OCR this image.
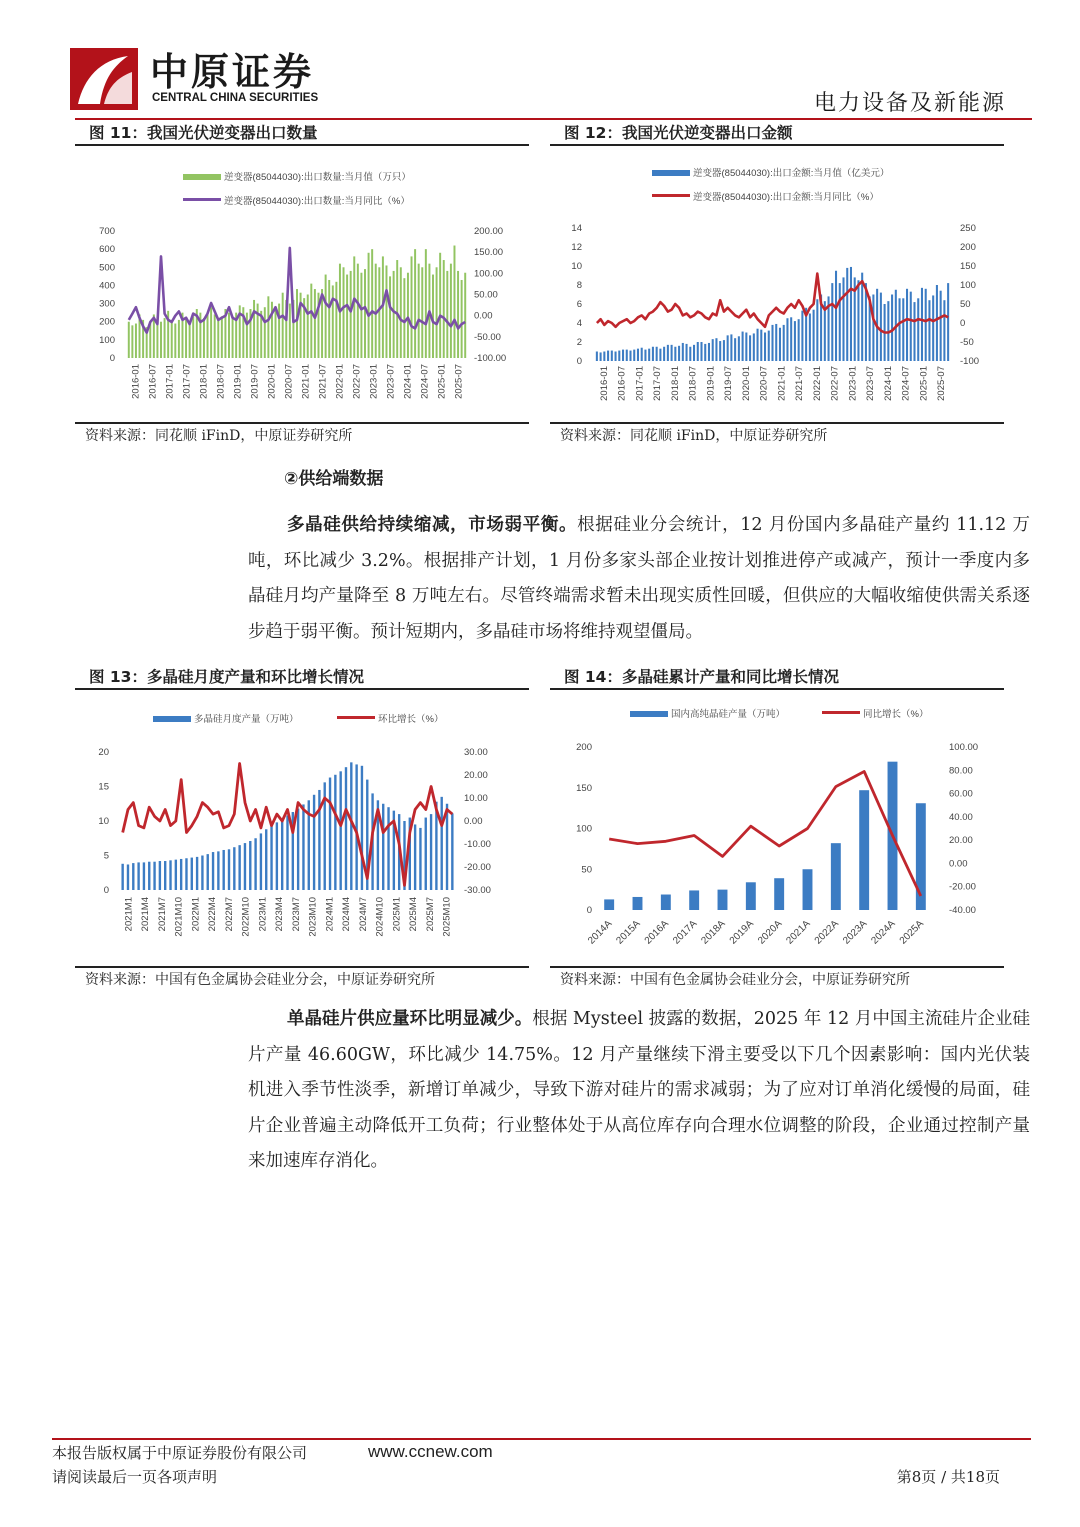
中原证券
CENTRAL CHINA SECURITIES	电力设备及新能源
图 11：我国光伏逆变器出口数量
逆变器(85044030):出口数量:当月值（万只）
逆变器(85044030):出口数量:当月同比（%）
0
100
200
300
400
500
600
700
-100.00
-50.00
0.00
50.00
100.00
150.00
200.00
2016-01 2016-07 2017-01 2017-07 2018-01 2018-07 2019-01 2019-07 2020-01 2020-07 2021-01 2021-07 2022-01 2022-07 2023-01 2023-07 2024-01 2024-07 2025-01 2025-07
资料来源：同花顺 iFinD，中原证券研究所
图 12：我国光伏逆变器出口金额
逆变器(85044030):出口金额:当月值（亿美元）
逆变器(85044030):出口金额:当月同比（%）
0
2
4
6
8
10
12
14
-100
-50
0
50
100
150
200
250
2016-01 2016-07 2017-01 2017-07 2018-01 2018-07 2019-01 2019-07 2020-01 2020-07 2021-01 2021-07 2022-01 2022-07 2023-01 2023-07 2024-01 2024-07 2025-01 2025-07
资料来源：同花顺 iFinD，中原证券研究所
②供给端数据

多晶硅供给持续缩减，市场弱平衡。根据硅业分会统计，12 月份国内多晶硅产量约 11.12 万吨，环比减少 3.2%。根据排产计划，1 月份多家头部企业按计划推进停产或减产，预计一季度内多晶硅月均产量降至 8 万吨左右。尽管终端需求暂未出现实质性回暖，但供应的大幅收缩使供需关系逐步趋于弱平衡。预计短期内，多晶硅市场将维持观望僵局。

图 13：多晶硅月度产量和环比增长情况
多晶硅月度产量（万吨）	环比增长（%）
0
5
10
15
20
-30.00
-20.00
-10.00
0.00
10.00
20.00
30.00
2021M1 2021M4 2021M7 2021M10 2022M1 2022M4 2022M7 2022M10 2023M1 2023M4 2023M7 2023M10 2024M1 2024M4 2024M7 2024M10 2025M1 2025M4 2025M7 2025M10
资料来源：中国有色金属协会硅业分会，中原证券研究所
图 14：多晶硅累计产量和同比增长情况
国内高纯晶硅产量（万吨）	同比增长（%）
0
50
100
150
200
-40.00
-20.00
0.00
20.00
40.00
60.00
80.00
100.00
2014A 2015A 2016A 2017A 2018A 2019A 2020A 2021A 2022A 2023A 2024A 2025A
资料来源：中国有色金属协会硅业分会，中原证券研究所

单晶硅片供应量环比明显减少。根据 Mysteel 披露的数据，2025 年 12 月中国主流硅片企业硅片产量 46.60GW，环比减少 14.75%。12 月产量继续下滑主要受以下几个因素影响：国内光伏装机进入季节性淡季，新增订单减少，导致下游对硅片的需求减弱；为了应对订单消化缓慢的局面，硅片企业普遍主动降低开工负荷；行业整体处于从高位库存向合理水位调整的阶段，企业通过控制产量来加速库存消化。

本报告版权属于中原证券股份有限公司	www.ccnew.com
请阅读最后一页各项声明	第8页 / 共18页
